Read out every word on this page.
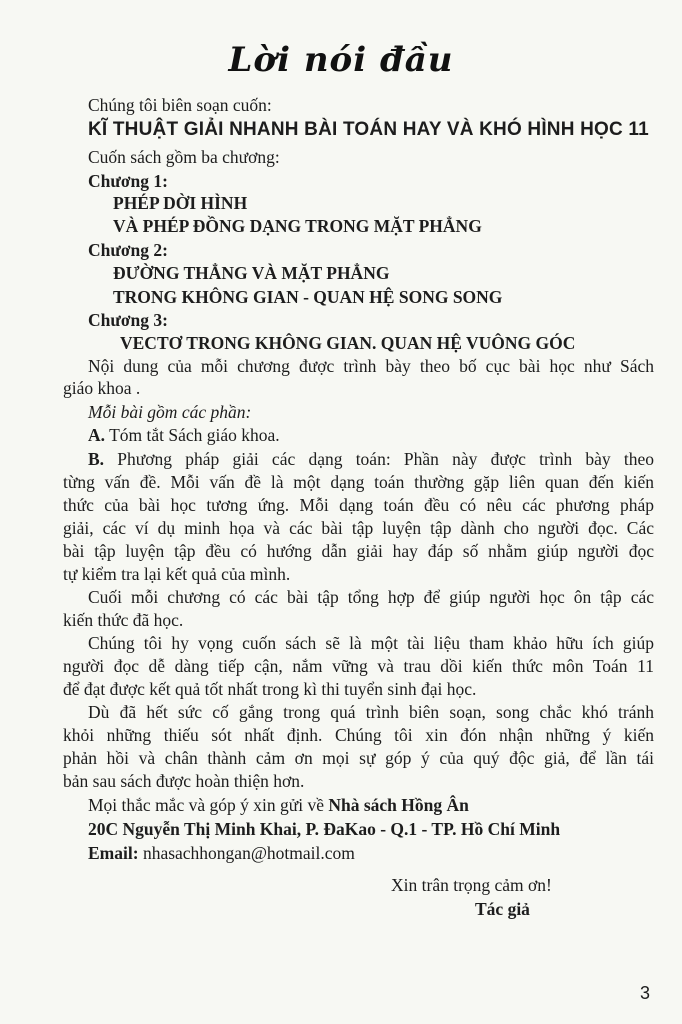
Lời nói đầu
Chúng tôi biên soạn cuốn:
KĨ THUẬT GIẢI NHANH BÀI TOÁN HAY VÀ KHÓ HÌNH HỌC 11
Cuốn sách gồm ba chương:
Chương 1:
PHÉP DỜI HÌNH
VÀ PHÉP ĐỒNG DẠNG TRONG MẶT PHẲNG
Chương 2:
ĐƯỜNG THẲNG VÀ MẶT PHẲNG
TRONG KHÔNG GIAN - QUAN HỆ SONG SONG
Chương 3:
VECTƠ TRONG KHÔNG GIAN. QUAN HỆ VUÔNG GÓC
Nội dung của mỗi chương được trình bày theo bố cục bài học như Sách
giáo khoa .
Mỗi bài gồm các phần:
A. Tóm tắt Sách giáo khoa.
B. Phương pháp giải các dạng toán: Phần này được trình bày theo
từng vấn đề. Mỗi vấn đề là một dạng toán thường gặp liên quan đến kiến
thức của bài học tương ứng. Mỗi dạng toán đều có nêu các phương pháp
giải, các ví dụ minh họa và các bài tập luyện tập dành cho người đọc. Các
bài tập luyện tập đều có hướng dẫn giải hay đáp số nhằm giúp người đọc
tự kiểm tra lại kết quả của mình.
Cuối mỗi chương có các bài tập tổng hợp để giúp người học ôn tập các
kiến thức đã học.
Chúng tôi hy vọng cuốn sách sẽ là một tài liệu tham khảo hữu ích giúp
người đọc dễ dàng tiếp cận, nắm vững và trau dồi kiến thức môn Toán 11
để đạt được kết quả tốt nhất trong kì thi tuyển sinh đại học.
Dù đã hết sức cố gắng trong quá trình biên soạn, song chắc khó tránh
khỏi những thiếu sót nhất định. Chúng tôi xin đón nhận những ý kiến
phản hồi và chân thành cảm ơn mọi sự góp ý của quý độc giả, để lần tái
bản sau sách được hoàn thiện hơn.
Mọi thắc mắc và góp ý xin gửi về Nhà sách Hồng Ân
20C Nguyễn Thị Minh Khai, P. ĐaKao - Q.1 - TP. Hồ Chí Minh
Email: nhasachhongan@hotmail.com
Xin trân trọng cảm ơn!
Tác giả
3
